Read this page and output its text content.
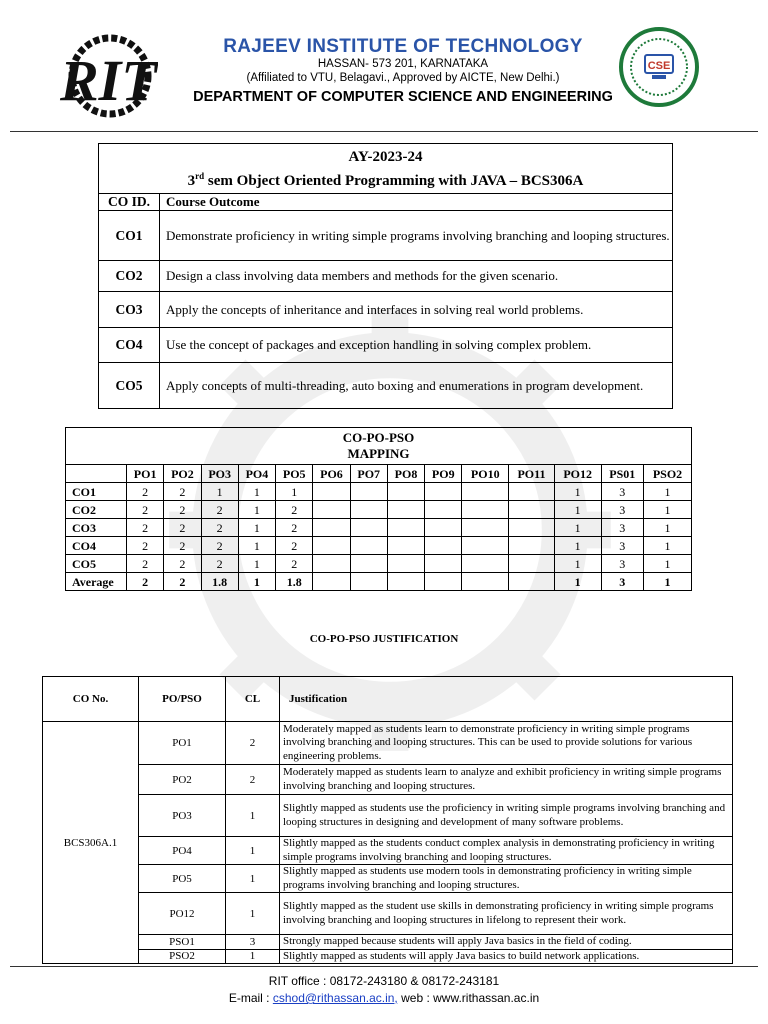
RIT	CSE
RAJEEV INSTITUTE OF TECHNOLOGY
HASSAN- 573 201, KARNATAKA
(Affiliated to VTU, Belagavi., Approved by AICTE, New Delhi.)
DEPARTMENT OF COMPUTER SCIENCE AND ENGINEERING
AY-2023-24
3rd sem Object Oriented Programming with JAVA – BCS306A	

CO ID.	Course Outcome
CO1	Demonstrate proficiency in writing simple programs involving branching and looping structures.
CO2	Design a class involving data members and methods for the given scenario.
CO3	Apply the concepts of inheritance and interfaces in solving real world problems.
CO4	Use the concept of packages and exception handling in solving complex problem.
CO5	Apply concepts of multi-threading, auto boxing and enumerations in program development.
CO-PO-PSO
MAPPING														

	PO1	PO2	PO3	PO4	PO5	PO6	PO7	PO8	PO9	PO10	PO11	PO12	PS01	PSO2
CO1	2	2	1	1	1							1	3	1
CO2	2	2	2	1	2							1	3	1
CO3	2	2	2	1	2							1	3	1
CO4	2	2	2	1	2							1	3	1
CO5	2	2	2	1	2							1	3	1
Average	2	2	1.8	1	1.8							1	3	1
CO-PO-PSO JUSTIFICATION
CO No.	PO/PSO	CL	Justification
BCS306A.1	PO1	2	Moderately mapped as students learn to demonstrate proficiency in writing simple programs involving branching and looping structures. This can be used to provide solutions for various engineering problems.
	PO2	2	Moderately mapped as students learn to analyze and exhibit proficiency in writing simple programs involving branching and looping structures.
	PO3	1	Slightly mapped as students use the proficiency in writing simple programs involving branching and looping structures in designing and development of many software problems.
	PO4	1	Slightly mapped as the students conduct complex analysis in demonstrating proficiency in writing simple programs involving branching and looping structures.
	PO5	1	Slightly mapped as students use modern tools in demonstrating proficiency in writing simple programs involving branching and looping structures.
	PO12	1	Slightly mapped as the student use skills in demonstrating proficiency in writing simple programs involving branching and looping structures in lifelong to represent their work.
	PSO1	3	Strongly mapped because students will apply Java basics in the field of coding.
	PSO2	1	Slightly mapped as students will apply Java basics to build network applications.
RIT office : 08172-243180 & 08172-243181
E-mail : cshod@rithassan.ac.in, web : www.rithassan.ac.in
